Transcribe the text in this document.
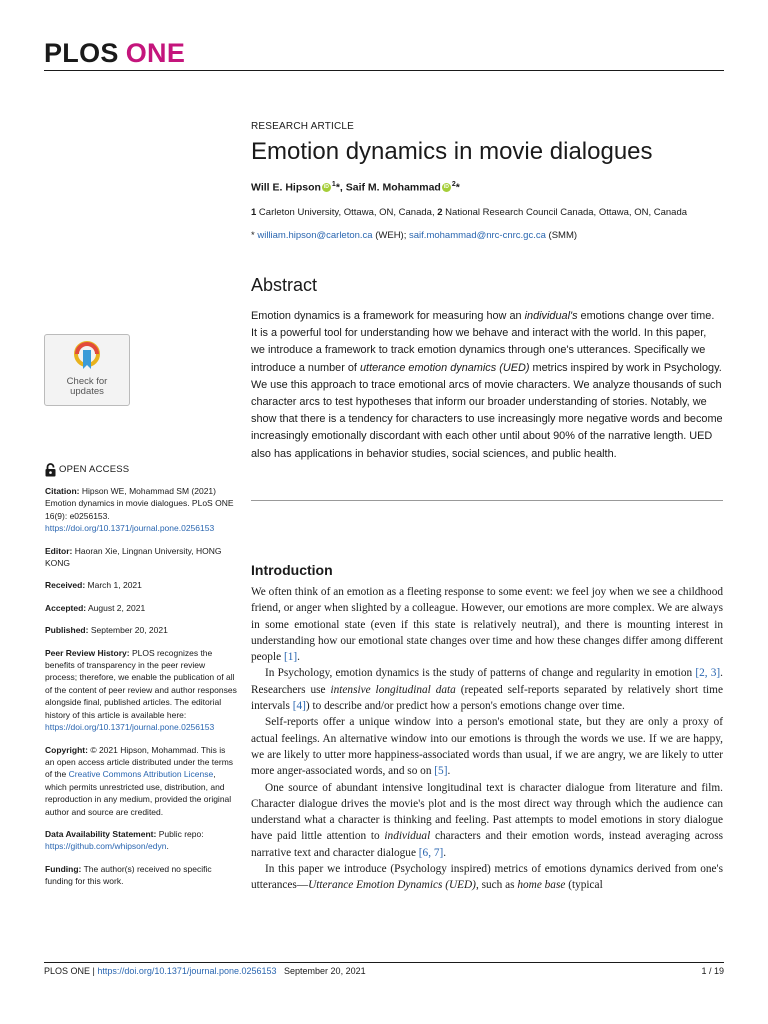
PLOS ONE
RESEARCH ARTICLE
Emotion dynamics in movie dialogues
Will E. Hipson iD $^1$*, Saif M. Mohammad iD $^2$*
1 Carleton University, Ottawa, ON, Canada, 2 National Research Council Canada, Ottawa, ON, Canada
* william.hipson@carleton.ca (WEH); saif.mohammad@nrc-cnrc.gc.ca (SMM)
Abstract
Emotion dynamics is a framework for measuring how an individual's emotions change over time. It is a powerful tool for understanding how we behave and interact with the world. In this paper, we introduce a framework to track emotion dynamics through one's utterances. Specifically we introduce a number of utterance emotion dynamics (UED) metrics inspired by work in Psychology. We use this approach to trace emotional arcs of movie characters. We analyze thousands of such character arcs to test hypotheses that inform our broader understanding of stories. Notably, we show that there is a tendency for characters to use increasingly more negative words and become increasingly emotionally discordant with each other until about 90% of the narrative length. UED also has applications in behavior studies, social sciences, and public health.
Check for
updates
OPEN ACCESS
Citation: Hipson WE, Mohammad SM (2021) Emotion dynamics in movie dialogues. PLoS ONE 16(9): e0256153. https://doi.org/10.1371/journal.pone.0256153
Editor: Haoran Xie, Lingnan University, HONG KONG
Received: March 1, 2021
Accepted: August 2, 2021
Published: September 20, 2021
Peer Review History: PLOS recognizes the benefits of transparency in the peer review process; therefore, we enable the publication of all of the content of peer review and author responses alongside final, published articles. The editorial history of this article is available here: https://doi.org/10.1371/journal.pone.0256153
Copyright: © 2021 Hipson, Mohammad. This is an open access article distributed under the terms of the Creative Commons Attribution License, which permits unrestricted use, distribution, and reproduction in any medium, provided the original author and source are credited.
Data Availability Statement: Public repo: https://github.com/whipson/edyn.
Funding: The author(s) received no specific funding for this work.
Introduction

We often think of an emotion as a fleeting response to some event: we feel joy when we see a childhood friend, or anger when slighted by a colleague. However, our emotions are more complex. We are always in some emotional state (even if this state is relatively neutral), and there is mounting interest in understanding how our emotional state changes over time and how these changes differ among different people [1].

In Psychology, emotion dynamics is the study of patterns of change and regularity in emotion [2, 3]. Researchers use intensive longitudinal data (repeated self-reports separated by relatively short time intervals [4]) to describe and/or predict how a person's emotions change over time.

Self-reports offer a unique window into a person's emotional state, but they are only a proxy of actual feelings. An alternative window into our emotions is through the words we use. If we are happy, we are likely to utter more happiness-associated words than usual, if we are angry, we are likely to utter more anger-associated words, and so on [5].

One source of abundant intensive longitudinal text is character dialogue from literature and film. Character dialogue drives the movie's plot and is the most direct way through which the audience can understand what a character is thinking and feeling. Past attempts to model emotions in story dialogue have paid little attention to individual characters and their emotion words, instead averaging across narrative text and character dialogue [6, 7].

In this paper we introduce (Psychology inspired) metrics of emotions dynamics derived from one's utterances—Utterance Emotion Dynamics (UED), such as home base (typical

PLOS ONE | https://doi.org/10.1371/journal.pone.0256153 September 20, 2021	1 / 19
